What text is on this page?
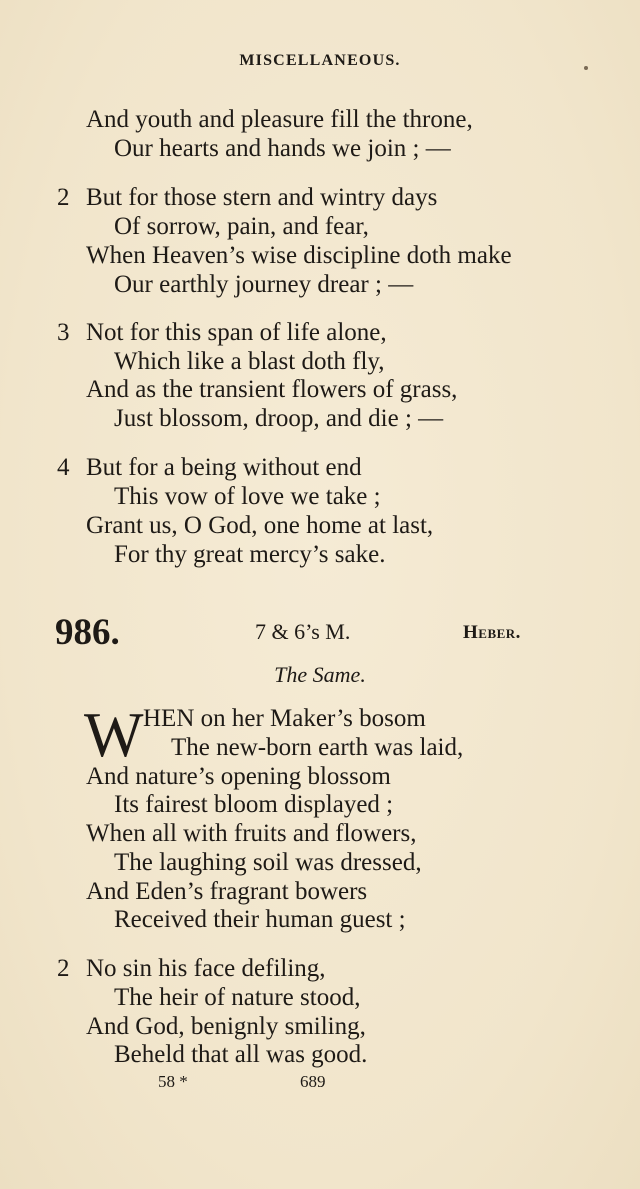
MISCELLANEOUS.
And youth and pleasure fill the throne,
Our hearts and hands we join ; —
2 But for those stern and wintry days
Of sorrow, pain, and fear,
When Heaven’s wise discipline doth make
Our earthly journey drear ; —
3 Not for this span of life alone,
Which like a blast doth fly,
And as the transient flowers of grass,
Just blossom, droop, and die ; —
4 But for a being without end
This vow of love we take ;
Grant us, O God, one home at last,
For thy great mercy’s sake.
986.	7 & 6’s M.	Heber.
The Same.
W HEN on her Maker’s bosom
The new-born earth was laid,
And nature’s opening blossom
Its fairest bloom displayed ;
When all with fruits and flowers,
The laughing soil was dressed,
And Eden’s fragrant bowers
Received their human guest ;
2 No sin his face defiling,
The heir of nature stood,
And God, benignly smiling,
Beheld that all was good.
58 *	689
